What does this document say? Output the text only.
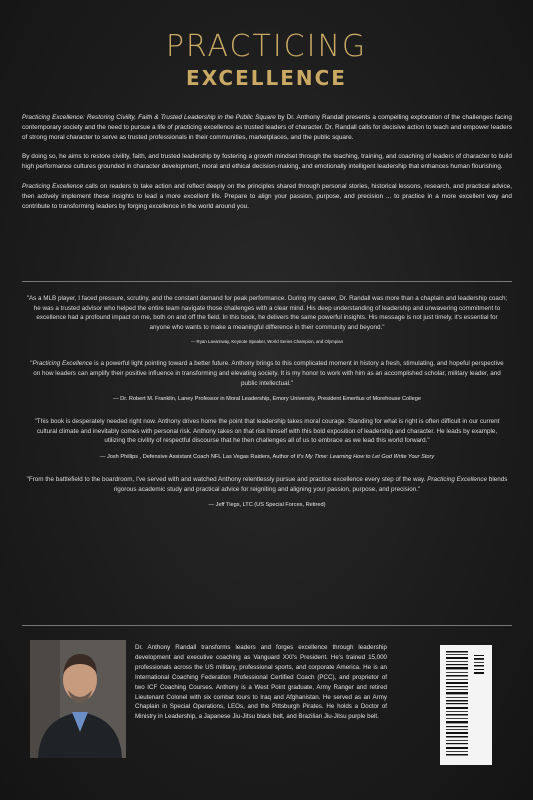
PRACTICING
EXCELLENCE

Practicing Excellence: Restoring Civility, Faith & Trusted Leadership in the Public Square by Dr. Anthony Randall presents a compelling exploration of the challenges facing contemporary society and the need to pursue a life of practicing excellence as trusted leaders of character. Dr. Randall calls for decisive action to teach and empower leaders of strong moral character to serve as trusted professionals in their communities, marketplaces, and the public square.

By doing so, he aims to restore civility, faith, and trusted leadership by fostering a growth mindset through the teaching, training, and coaching of leaders of character to build high performance cultures grounded in character development, moral and ethical decision-making, and emotionally intelligent leadership that enhances human flourishing.

Practicing Excellence calls on readers to take action and reflect deeply on the principles shared through personal stories, historical lessons, research, and practical advice, then actively implement these insights to lead a more excellent life. Prepare to align your passion, purpose, and precision ... to practice in a more excellent way and contribute to transforming leaders by forging excellence in the world around you.

"As a MLB player, I faced pressure, scrutiny, and the constant demand for peak performance. During my career, Dr. Randall was more than a chaplain and leadership coach; he was a trusted advisor who helped the entire team navigate those challenges with a clear mind. His deep understanding of leadership and unwavering commitment to excellence had a profound impact on me, both on and off the field. In this book, he delivers the same powerful insights. His message is not just timely, it's essential for anyone who wants to make a meaningful difference in their community and beyond."
— Ryan Lavarnway, Keynote Speaker, World Series Champion, and Olympian
"Practicing Excellence is a powerful light pointing toward a better future. Anthony brings to this complicated moment in history a fresh, stimulating, and hopeful perspective on how leaders can amplify their positive influence in transforming and elevating society. It is my honor to work with him as an accomplished scholar, military leader, and public intellectual."
— Dr. Robert M. Franklin, Laney Professor in Moral Leadership, Emory University, President Emeritus of Morehouse College
"This book is desperately needed right now. Anthony drives home the point that leadership takes moral courage. Standing for what is right is often difficult in our current cultural climate and inevitably comes with personal risk. Anthony takes on that risk himself with this bold exposition of leadership and character. He leads by example, utilizing the civility of respectful discourse that he then challenges all of us to embrace as we lead this world forward."
— Josh Phillips , Defensive Assistant Coach NFL Las Vegas Raiders, Author of It's My Time: Learning How to Let God Write Your Story
"From the battlefield to the boardroom, I've served with and watched Anthony relentlessly pursue and practice excellence every step of the way. Practicing Excellence blends rigorous academic study and practical advice for reigniting and aligning your passion, purpose, and precision."
— Jeff Tiegs, LTC (US Special Forces, Retired)
Dr. Anthony Randall transforms leaders and forges excellence through leadership development and executive coaching as Vanguard XXI's President. He's trained 15,000 professionals across the US military, professional sports, and corporate America. He is an International Coaching Federation Professional Certified Coach (PCC), and proprietor of two ICF Coaching Courses. Anthony is a West Point graduate, Army Ranger and retired Lieutenant Colonel with six combat tours to Iraq and Afghanistan. He served as an Army Chaplain in Special Operations, LEOs, and the Pittsburgh Pirates. He holds a Doctor of Ministry in Leadership, a Japanese Jiu-Jitsu black belt, and Brazilian Jiu-Jitsu purple belt.
